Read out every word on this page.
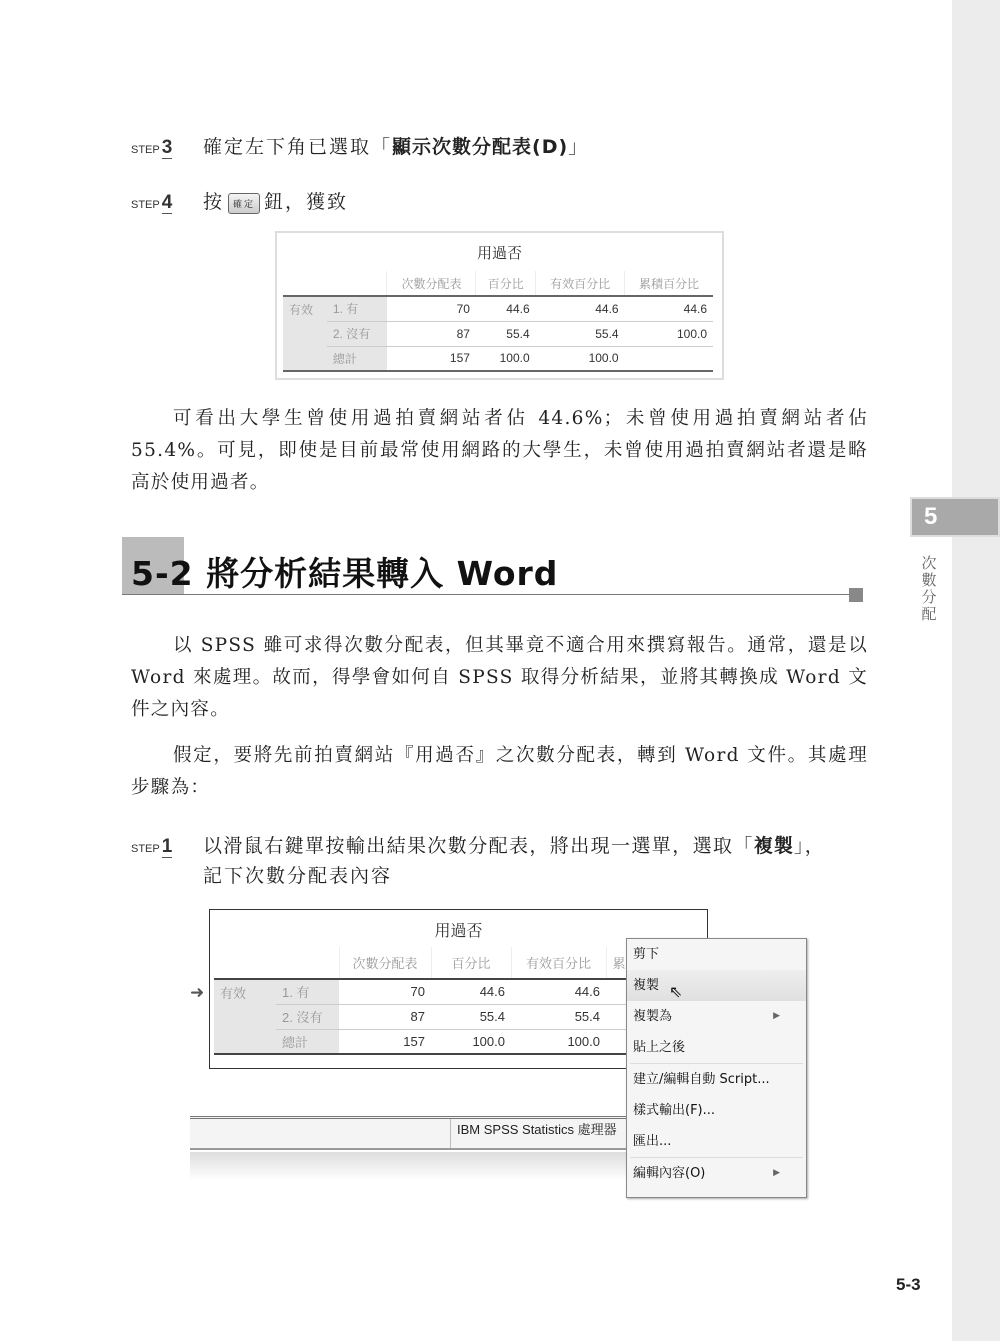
5
次數分配
STEP 3	確定左下角已選取「顯示次數分配表(D)」
STEP 4	按 確定 鈕，獲致
用過否
		次數分配表	百分比	有效百分比	累積百分比
有效	1. 有	70	44.6	44.6	44.6
	2. 沒有	87	55.4	55.4	100.0
	總計	157	100.0	100.0	

可看出大學生曾使用過拍賣網站者佔 44.6%；未曾使用過拍賣網站者佔 55.4%。可見，即使是目前最常使用網路的大學生，未曾使用過拍賣網站者還是略高於使用過者。

5-2 將分析結果轉入 Word

以 SPSS 雖可求得次數分配表，但其畢竟不適合用來撰寫報告。通常，還是以 Word 來處理。故而，得學會如何自 SPSS 取得分析結果，並將其轉換成 Word 文件之內容。

假定，要將先前拍賣網站『用過否』之次數分配表，轉到 Word 文件。其處理步驟為：

STEP 1	以滑鼠右鍵單按輸出結果次數分配表，將出現一選單，選取「複製」，
記下次數分配表內容
➜
用過否
		次數分配表	百分比	有效百分比	累
有效	1. 有	70	44.6	44.6	
	2. 沒有	87	55.4	55.4	
	總計	157	100.0	100.0	
IBM SPSS Statistics 處理器
剪下
複製 ⇖
複製為	▶
貼上之後
建立/編輯自動 Script...
樣式輸出(F)...
匯出...
編輯內容(O)	▶
5-3
